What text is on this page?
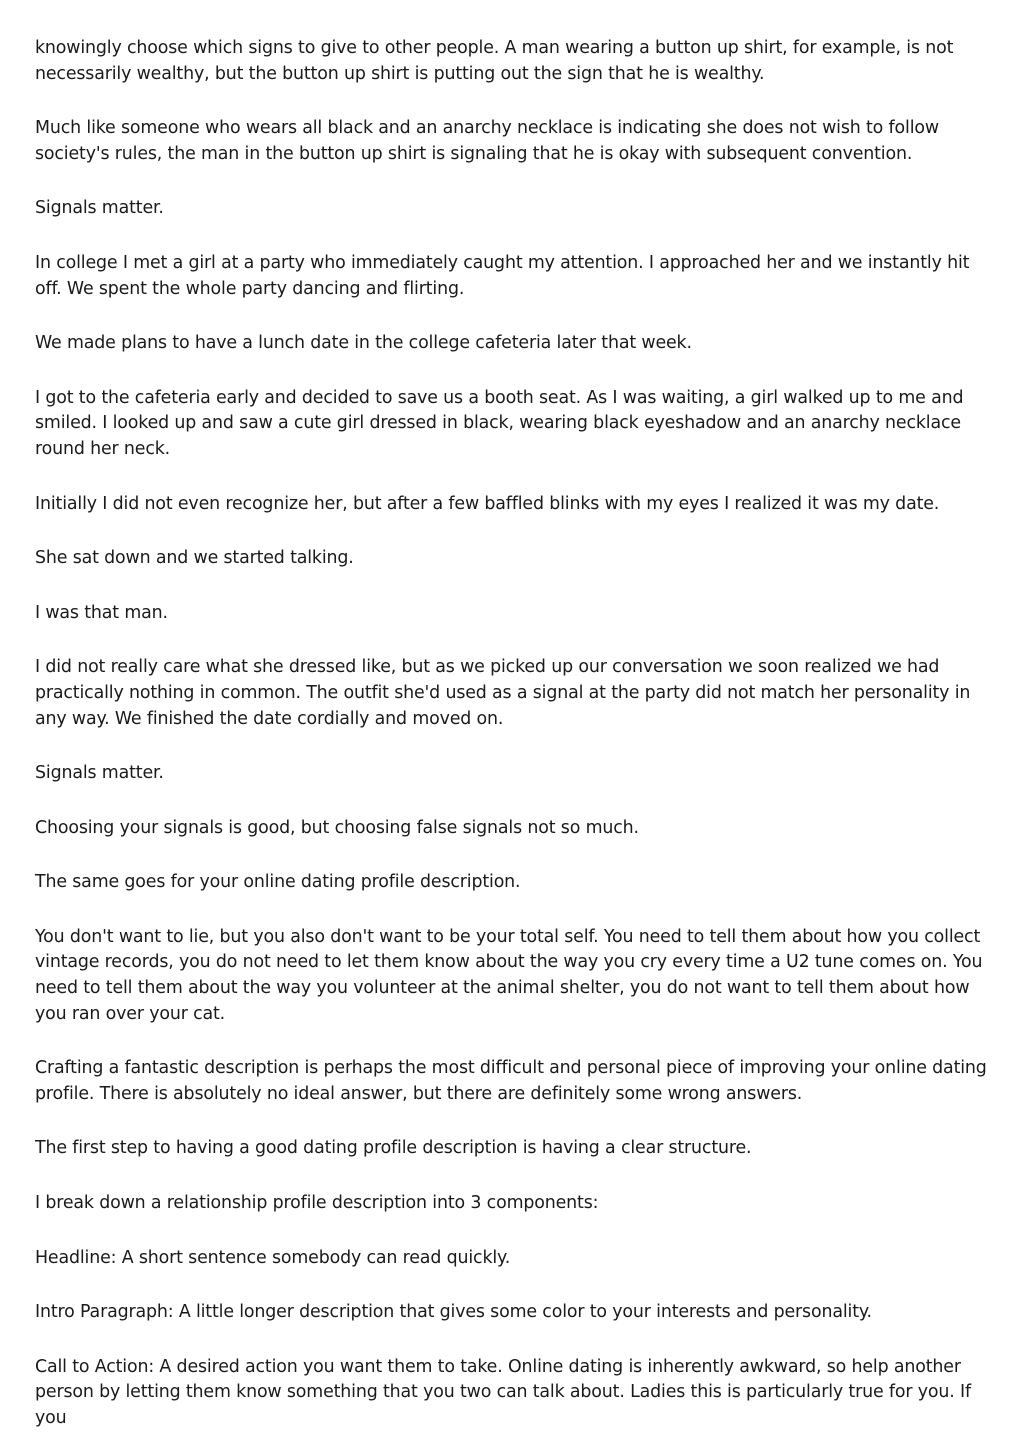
knowingly choose which signs to give to other people. A man wearing a button up shirt, for example, is not necessarily wealthy, but the button up shirt is putting out the sign that he is wealthy.

Much like someone who wears all black and an anarchy necklace is indicating she does not wish to follow society's rules, the man in the button up shirt is signaling that he is okay with subsequent convention.

Signals matter.

In college I met a girl at a party who immediately caught my attention. I approached her and we instantly hit off. We spent the whole party dancing and flirting.

We made plans to have a lunch date in the college cafeteria later that week.

I got to the cafeteria early and decided to save us a booth seat. As I was waiting, a girl walked up to me and smiled. I looked up and saw a cute girl dressed in black, wearing black eyeshadow and an anarchy necklace round her neck.

Initially I did not even recognize her, but after a few baffled blinks with my eyes I realized it was my date.

She sat down and we started talking.

I was that man.

I did not really care what she dressed like, but as we picked up our conversation we soon realized we had practically nothing in common. The outfit she'd used as a signal at the party did not match her personality in any way. We finished the date cordially and moved on.

Signals matter.

Choosing your signals is good, but choosing false signals not so much.

The same goes for your online dating profile description.

You don't want to lie, but you also don't want to be your total self. You need to tell them about how you collect vintage records, you do not need to let them know about the way you cry every time a U2 tune comes on. You need to tell them about the way you volunteer at the animal shelter, you do not want to tell them about how you ran over your cat.

Crafting a fantastic description is perhaps the most difficult and personal piece of improving your online dating profile. There is absolutely no ideal answer, but there are definitely some wrong answers.

The first step to having a good dating profile description is having a clear structure.

I break down a relationship profile description into 3 components:

Headline: A short sentence somebody can read quickly.

Intro Paragraph: A little longer description that gives some color to your interests and personality.

Call to Action: A desired action you want them to take. Online dating is inherently awkward, so help another person by letting them know something that you two can talk about. Ladies this is particularly true for you. If you
